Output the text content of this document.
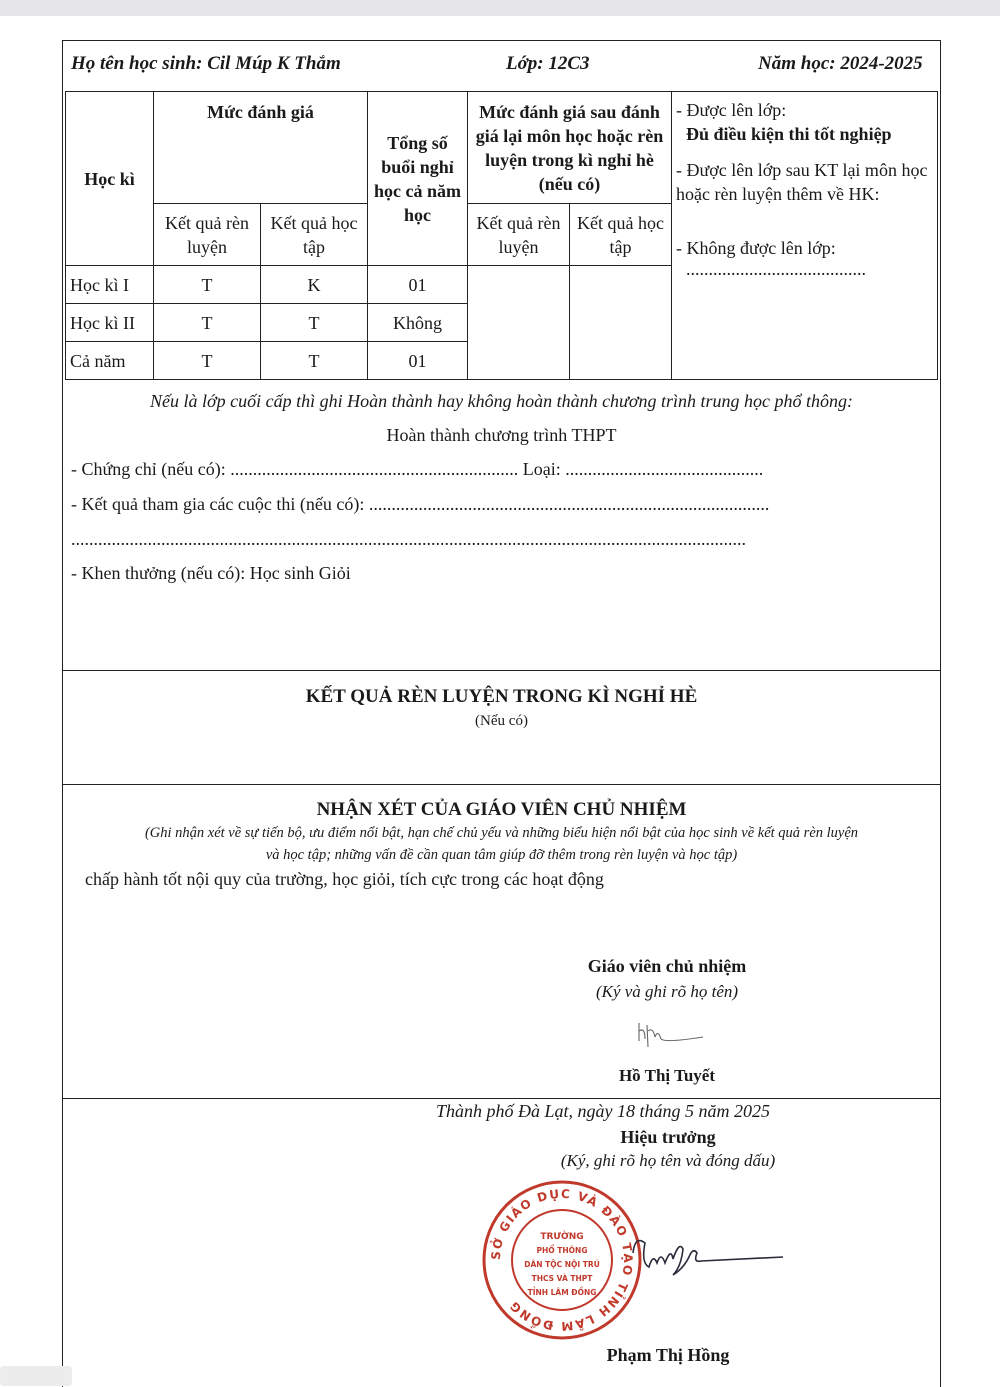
Họ tên học sinh: Cil Múp K Thắm	Lớp: 12C3	Năm học: 2024-2025
Học kì	Mức đánh giá		Tổng số buổi nghỉ học cả năm học	Mức đánh giá sau đánh giá lại môn học hoặc rèn luyện trong kì nghỉ hè (nếu có)		- Được lên lớp:
Đủ điều kiện thi tốt nghiệp
- Được lên lớp sau KT lại môn học hoặc rèn luyện thêm về HK:
- Không được lên lớp:
........................................

	Kết quả rèn luyện	Kết quả học tập		Kết quả rèn luyện	Kết quả học tập	
Học kì I	T	K	01			
Học kì II	T	T	Không			
Cả năm	T	T	01			
Nếu là lớp cuối cấp thì ghi Hoàn thành hay không hoàn thành chương trình trung học phổ thông:
Hoàn thành chương trình THPT
- Chứng chỉ (nếu có): ................................................................ Loại: ............................................
- Kết quả tham gia các cuộc thi (nếu có): .........................................................................................
......................................................................................................................................................
- Khen thưởng (nếu có): Học sinh Giỏi
KẾT QUẢ RÈN LUYỆN TRONG KÌ NGHỈ HÈ
(Nếu có)
NHẬN XÉT CỦA GIÁO VIÊN CHỦ NHIỆM
(Ghi nhận xét về sự tiến bộ, ưu điểm nổi bật, hạn chế chủ yếu và những biểu hiện nổi bật của học sinh về kết quả rèn luyện
và học tập; những vấn đề cần quan tâm giúp đỡ thêm trong rèn luyện và học tập)
chấp hành tốt nội quy của trường, học giỏi, tích cực trong các hoạt động
Giáo viên chủ nhiệm
(Ký và ghi rõ họ tên)
Hồ Thị Tuyết
Thành phố Đà Lạt, ngày 18 tháng 5 năm 2025
Hiệu trưởng
(Ký, ghi rõ họ tên và đóng dấu)
SỞ GIÁO DỤC VÀ ĐÀO TẠO TỈNH LÂM ĐỒNG
TRƯỜNG
PHỔ THÔNG
DÂN TỘC NỘI TRÚ
THCS VÀ THPT
TỈNH LÂM ĐỒNG
Phạm Thị Hồng
